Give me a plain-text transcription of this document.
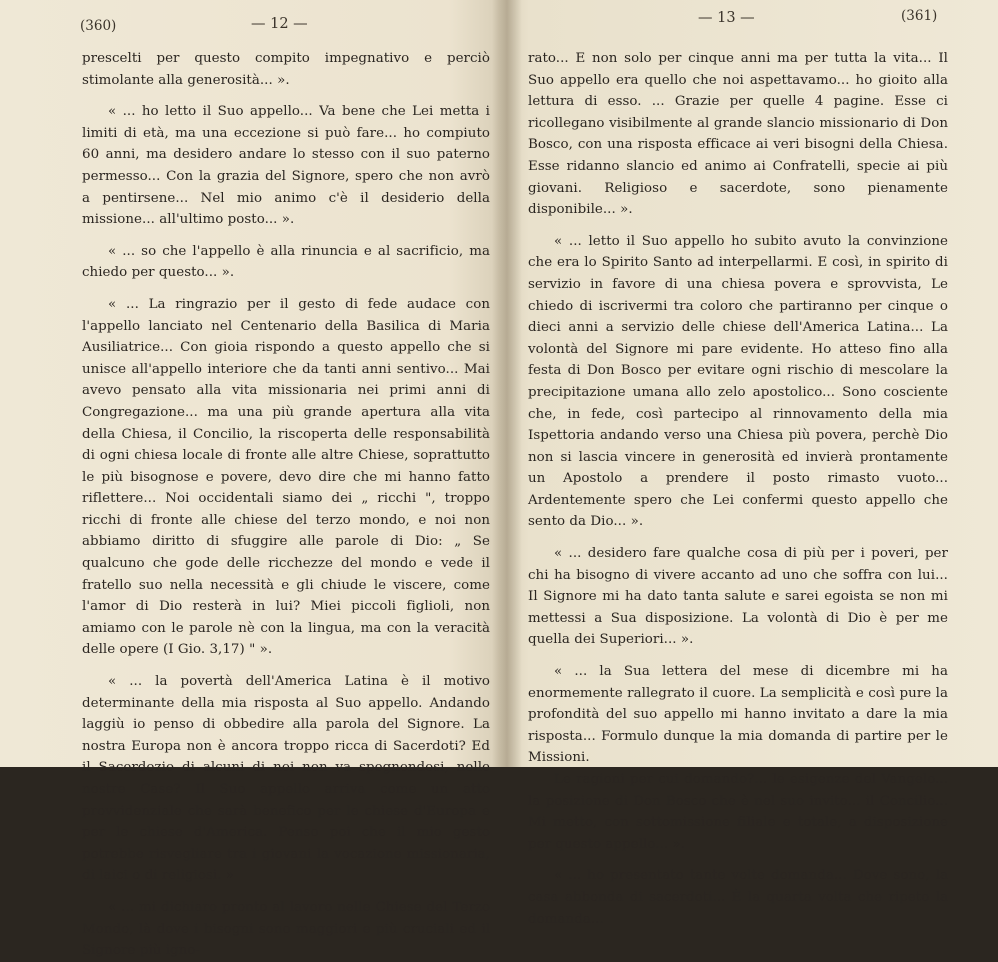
(360)	— 12 —

prescelti per questo compito impegnativo e perciò stimolante alla generosità... ».

« ... ho letto il Suo appello... Va bene che Lei metta i limiti di età, ma una eccezione si può fare... ho compiuto 60 anni, ma desidero andare lo stesso con il suo paterno permesso... Con la grazia del Signore, spero che non avrò a pentirsene... Nel mio animo c'è il desiderio della missione... all'ultimo posto... ».

« ... so che l'appello è alla rinuncia e al sacrificio, ma chiedo per questo... ».

« ... La ringrazio per il gesto di fede audace con l'appello lanciato nel Centenario della Basilica di Maria Ausiliatrice... Con gioia rispondo a questo appello che si unisce all'appello interiore che da tanti anni sentivo... Mai avevo pensato alla vita missionaria nei primi anni di Congregazione... ma una più grande apertura alla vita della Chiesa, il Concilio, la riscoperta delle responsabilità di ogni chiesa locale di fronte alle altre Chiese, soprattutto le più bisognose e povere, devo dire che mi hanno fatto riflettere... Noi occidentali siamo dei „ ricchi ", troppo ricchi di fronte alle chiese del terzo mondo, e noi non abbiamo diritto di sfuggire alle parole di Dio: „ Se qualcuno che gode delle ricchezze del mondo e vede il fratello suo nella necessità e gli chiude le viscere, come l'amor di Dio resterà in lui? Miei piccoli figlioli, non amiamo con le parole nè con la lingua, ma con la veracità delle opere (I Gio. 3,17) " ».

« ... la povertà dell'America Latina è il motivo determinante della mia risposta al Suo appello. Andando laggiù io penso di obbedire alla parola del Signore. La nostra Europa non è ancora troppo ricca di Sacerdoti? Ed il Sacerdozio di alcuni di noi non va spegnendosi, nelle nostre Case? Il Suo appello arriva come un atto provvidenziale che sarà benefico per le chiese d'Europa e per le chiese d'America. Penso poi che il mio gesto potrebbe risvegliare tra i giovani la vocazione missionaria, di laici o di religiosi. »

« ... mi dichiaro pronto al lavoro nelle Chiese del Terzo Mondo, là dove i bisogni sono maggiori e più cruciali ed il Signore più igno-

— 13 —	(361)

rato... E non solo per cinque anni ma per tutta la vita... Il Suo appello era quello che noi aspettavamo... ho gioito alla lettura di esso. ... Grazie per quelle 4 pagine. Esse ci ricollegano visibilmente al grande slancio missionario di Don Bosco, con una risposta efficace ai veri bisogni della Chiesa. Esse ridanno slancio ed animo ai Confratelli, specie ai più giovani. Religioso e sacerdote, sono pienamente disponibile... ».

« ... letto il Suo appello ho subito avuto la convinzione che era lo Spirito Santo ad interpellarmi. E così, in spirito di servizio in favore di una chiesa povera e sprovvista, Le chiedo di iscrivermi tra coloro che partiranno per cinque o dieci anni a servizio delle chiese dell'America Latina... La volontà del Signore mi pare evidente. Ho atteso fino alla festa di Don Bosco per evitare ogni rischio di mescolare la precipitazione umana allo zelo apostolico... Sono cosciente che, in fede, così partecipo al rinnovamento della mia Ispettoria andando verso una Chiesa più povera, perchè Dio non si lascia vincere in generosità ed invierà prontamente un Apostolo a prendere il posto rimasto vuoto... Ardentemente spero che Lei confermi questo appello che sento da Dio... ».

« ... desidero fare qualche cosa di più per i poveri, per chi ha bisogno di vivere accanto ad uno che soffra con lui... Il Signore mi ha dato tanta salute e sarei egoista se non mi mettessi a Sua disposizione. La volontà di Dio è per me quella dei Superiori... ».

« ... la Sua lettera del mese di dicembre mi ha enormemente rallegrato il cuore. La semplicità e così pure la profondità del suo appello mi hanno invitato a dare la mia risposta... Formulo dunque la mia domanda di partire per le Missioni.

Le ragioni per cui domando?... le esigenze del Vangelo... la posizione di Don Bosco che è nel suo invito... il Concilio... Mi metto, con sottomissione filiale e totale, a disposizione per questo appello... ».

« ... ho presentato tante volte domanda... Dove sono, la casa abbonda di sacerdoti... È la quarta volta che ripeto la domanda...
